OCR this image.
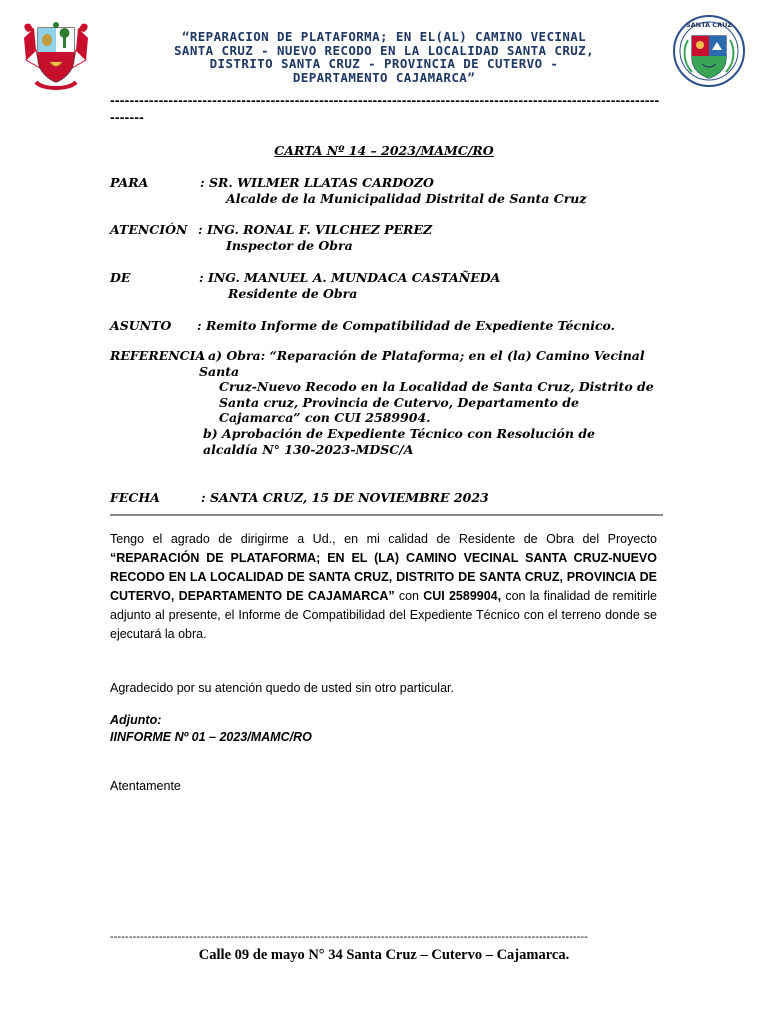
“REPARACION DE PLATAFORMA; EN EL(AL) CAMINO VECINAL
SANTA CRUZ - NUEVO RECODO EN LA LOCALIDAD SANTA CRUZ,
DISTRITO SANTA CRUZ - PROVINCIA DE CUTERVO -
DEPARTAMENTO CAJAMARCA”
SANTA CRUZ
------------------------------------------------------------------------------------------------------------------------
CARTA Nº 14 – 2023/MAMC/RO
PARA	: SR. WILMER LLATAS CARDOZO
Alcalde de la Municipalidad Distrital de Santa Cruz
ATENCIÓN : ING. RONAL F. VILCHEZ PEREZ
Inspector de Obra
DE	: ING. MANUEL A. MUNDACA CASTAÑEDA
Residente de Obra
ASUNTO : Remito Informe de Compatibilidad de Expediente Técnico.
REFERENCIA
: a) Obra: “Reparación de Plataforma; en el (la) Camino Vecinal Santa
Cruz-Nuevo Recodo en la Localidad de Santa Cruz, Distrito de Santa cruz, Provincia de Cutervo, Departamento de Cajamarca” con CUI 2589904.
b) Aprobación de Expediente Técnico con Resolución de alcaldía N° 130-2023-MDSC/A
FECHA	: SANTA CRUZ, 15 DE NOVIEMBRE 2023
Tengo el agrado de dirigirme a Ud., en mi calidad de Residente de Obra del Proyecto “REPARACIÓN DE PLATAFORMA; EN EL (LA) CAMINO VECINAL SANTA CRUZ-NUEVO RECODO EN LA LOCALIDAD DE SANTA CRUZ, DISTRITO DE SANTA CRUZ, PROVINCIA DE CUTERVO, DEPARTAMENTO DE CAJAMARCA” con CUI 2589904, con la finalidad de remitirle adjunto al presente, el Informe de Compatibilidad del Expediente Técnico con el terreno donde se ejecutará la obra.
Agradecido por su atención quedo de usted sin otro particular.
Adjunto:
IINFORME Nº 01 – 2023/MAMC/RO
Atentamente
-------------------------------------------------------------------------------------------------------------------------------
Calle 09 de mayo N° 34 Santa Cruz – Cutervo – Cajamarca.
